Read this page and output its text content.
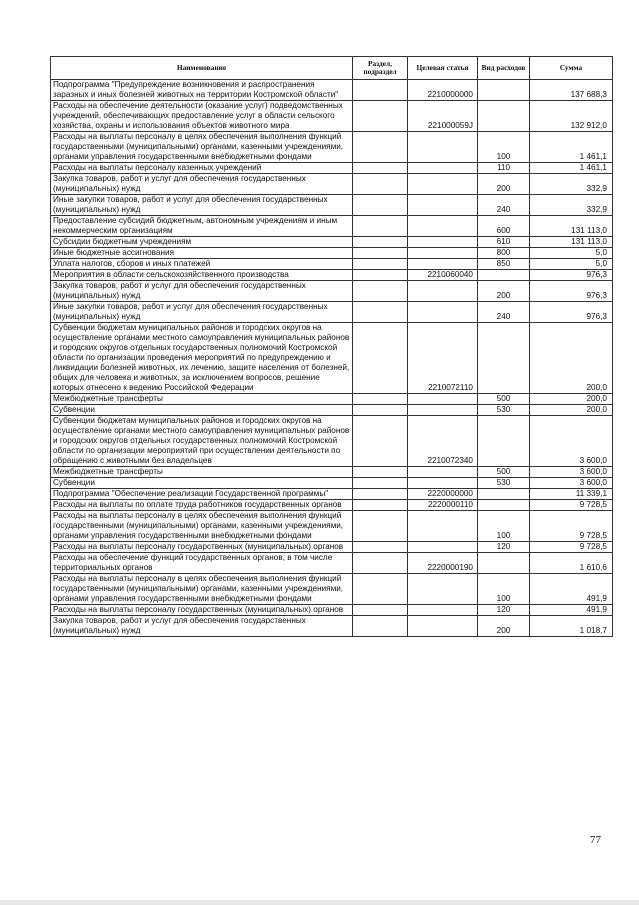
Наименование	Раздел, подраздел	Целевая статья	Вид расходов	Сумма
Подпрограмма "Предупреждение возникновения и распространения заразных и иных болезней животных на территории Костромской области"		2210000000		137 688,3
Расходы на обеспечение деятельности (оказание услуг) подведомственных учреждений, обеспечивающих предоставление услуг в области сельского хозяйства, охраны и использования объектов животного мира		221000059J		132 912,0
Расходы на выплаты персоналу в целях обеспечения выполнения функций государственными (муниципальными) органами, казенными учреждениями, органами управления государственными внебюджетными фондами			100	1 461,1
Расходы на выплаты персоналу казенных учреждений			110	1 461,1
Закупка товаров, работ и услуг для обеспечения государственных (муниципальных) нужд			200	332,9
Иные закупки товаров, работ и услуг для обеспечения государственных (муниципальных) нужд			240	332,9
Предоставление субсидий бюджетным, автономным учреждениям и иным некоммерческим организациям			600	131 113,0
Субсидии бюджетным учреждениям			610	131 113,0
Иные бюджетные ассигнования			800	5,0
Уплата налогов, сборов и иных платежей			850	5,0
Мероприятия в области сельскохозяйственного производства		2210060040		976,3
Закупка товаров, работ и услуг для обеспечения государственных (муниципальных) нужд			200	976,3
Иные закупки товаров, работ и услуг для обеспечения государственных (муниципальных) нужд			240	976,3
Субвенции бюджетам муниципальных районов и городских округов на осуществление органами местного самоуправления муниципальных районов и городских округов отдельных государственных полномочий Костромской области по организации проведения мероприятий по предупреждению и ликвидации болезней животных, их лечению, защите населения от болезней, общих для человека и животных, за исключением вопросов, решение которых отнесено к ведению Российской Федерации		2210072110		200,0
Межбюджетные трансферты			500	200,0
Субвенции			530	200,0
Субвенции бюджетам муниципальных районов и городских округов на осуществление органами местного самоуправления муниципальных районов и городских округов отдельных государственных полномочий Костромской области по организации мероприятий при осуществлении деятельности по обращению с животными без владельцев		2210072340		3 600,0
Межбюджетные трансферты			500	3 600,0
Субвенции			530	3 600,0
Подпрограмма "Обеспечение реализации Государственной программы"		2220000000		11 339,1
Расходы на выплаты по оплате труда работников государственных органов		2220000110		9 728,5
Расходы на выплаты персоналу в целях обеспечения выполнения функций государственными (муниципальными) органами, казенными учреждениями, органами управления государственными внебюджетными фондами			100	9 728,5
Расходы на выплаты персоналу государственных (муниципальных) органов			120	9 728,5
Расходы на обеспечение функций государственных органов, в том числе территориальных органов		2220000190		1 610,6
Расходы на выплаты персоналу в целях обеспечения выполнения функций государственными (муниципальными) органами, казенными учреждениями, органами управления государственными внебюджетными фондами			100	491,9
Расходы на выплаты персоналу государственных (муниципальных) органов			120	491,9
Закупка товаров, работ и услуг для обеспечения государственных (муниципальных) нужд			200	1 018,7
77
